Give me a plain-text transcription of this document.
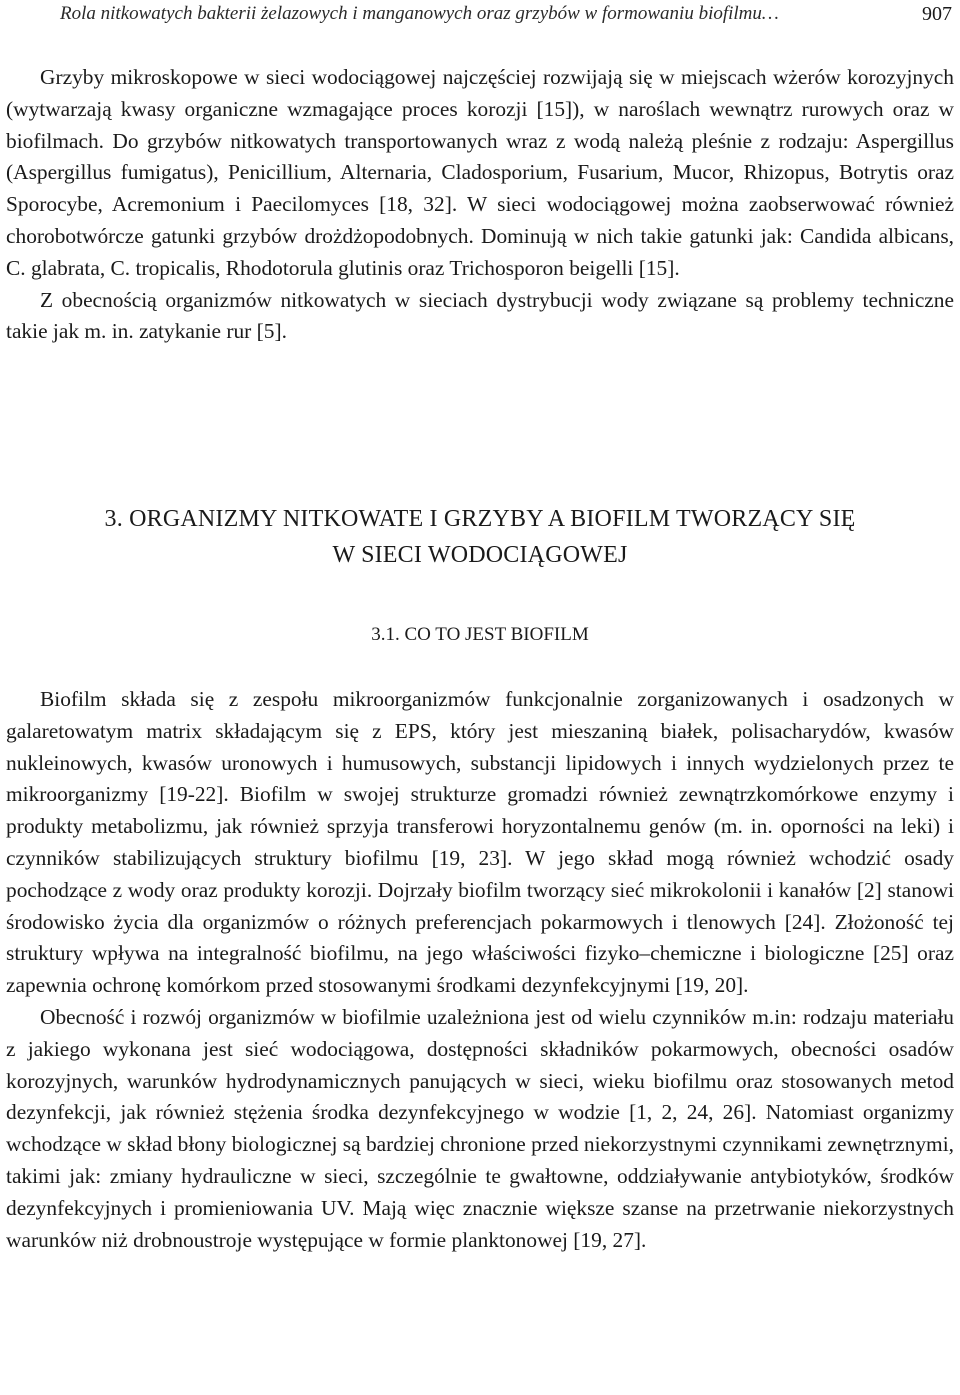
Rola nitkowatych bakterii żelazowych i manganowych oraz grzybów w formowaniu biofilmu…	907

Grzyby mikroskopowe w sieci wodociągowej najczęściej rozwijają się w miejscach wżerów korozyjnych (wytwarzają kwasy organiczne wzmagające proces korozji [15]), w naroślach wewnątrz rurowych oraz w biofilmach. Do grzybów nitkowatych transportowanych wraz z wodą należą pleśnie z rodzaju: Aspergillus (Aspergillus fumigatus), Penicillium, Alternaria, Cladosporium, Fusarium, Mucor, Rhizopus, Botrytis oraz Sporocybe, Acremonium i Paecilomyces [18, 32]. W sieci wodociągowej można zaobserwować również chorobotwórcze gatunki grzybów drożdżopodobnych. Dominują w nich takie gatunki jak: Candida albicans, C. glabrata, C. tropicalis, Rhodotorula glutinis oraz Trichosporon beigelli [15].

Z obecnością organizmów nitkowatych w sieciach dystrybucji wody związane są problemy techniczne takie jak m. in. zatykanie rur [5].

3. ORGANIZMY NITKOWATE I GRZYBY A BIOFILM TWORZĄCY SIĘ
W SIECI WODOCIĄGOWEJ
3.1. CO TO JEST BIOFILM

Biofilm składa się z zespołu mikroorganizmów funkcjonalnie zorganizowanych i osadzonych w galaretowatym matrix składającym się z EPS, który jest mieszaniną białek, polisacharydów, kwasów nukleinowych, kwasów uronowych i humusowych, substancji lipidowych i innych wydzielonych przez te mikroorganizmy [19-22]. Biofilm w swojej strukturze gromadzi również zewnątrzkomórkowe enzymy i produkty metabolizmu, jak również sprzyja transferowi horyzontalnemu genów (m. in. oporności na leki) i czynników stabilizujących struktury biofilmu [19, 23]. W jego skład mogą również wchodzić osady pochodzące z wody oraz produkty korozji. Dojrzały biofilm tworzący sieć mikrokolonii i kanałów [2] stanowi środowisko życia dla organizmów o różnych preferencjach pokarmowych i tlenowych [24]. Złożoność tej struktury wpływa na integralność biofilmu, na jego właściwości fizyko–chemiczne i biologiczne [25] oraz zapewnia ochronę komórkom przed stosowanymi środkami dezynfekcyjnymi [19, 20].

Obecność i rozwój organizmów w biofilmie uzależniona jest od wielu czynników m.in: rodzaju materiału z jakiego wykonana jest sieć wodociągowa, dostępności składników pokarmowych, obecności osadów korozyjnych, warunków hydrodynamicznych panujących w sieci, wieku biofilmu oraz stosowanych metod dezynfekcji, jak również stężenia środka dezynfekcyjnego w wodzie [1, 2, 24, 26]. Natomiast organizmy wchodzące w skład błony biologicznej są bardziej chronione przed niekorzystnymi czynnikami zewnętrznymi, takimi jak: zmiany hydrauliczne w sieci, szczególnie te gwałtowne, oddziaływanie antybiotyków, środków dezynfekcyjnych i promieniowania UV. Mają więc znacznie większe szanse na przetrwanie niekorzystnych warunków niż drobnoustroje występujące w formie planktonowej [19, 27].
